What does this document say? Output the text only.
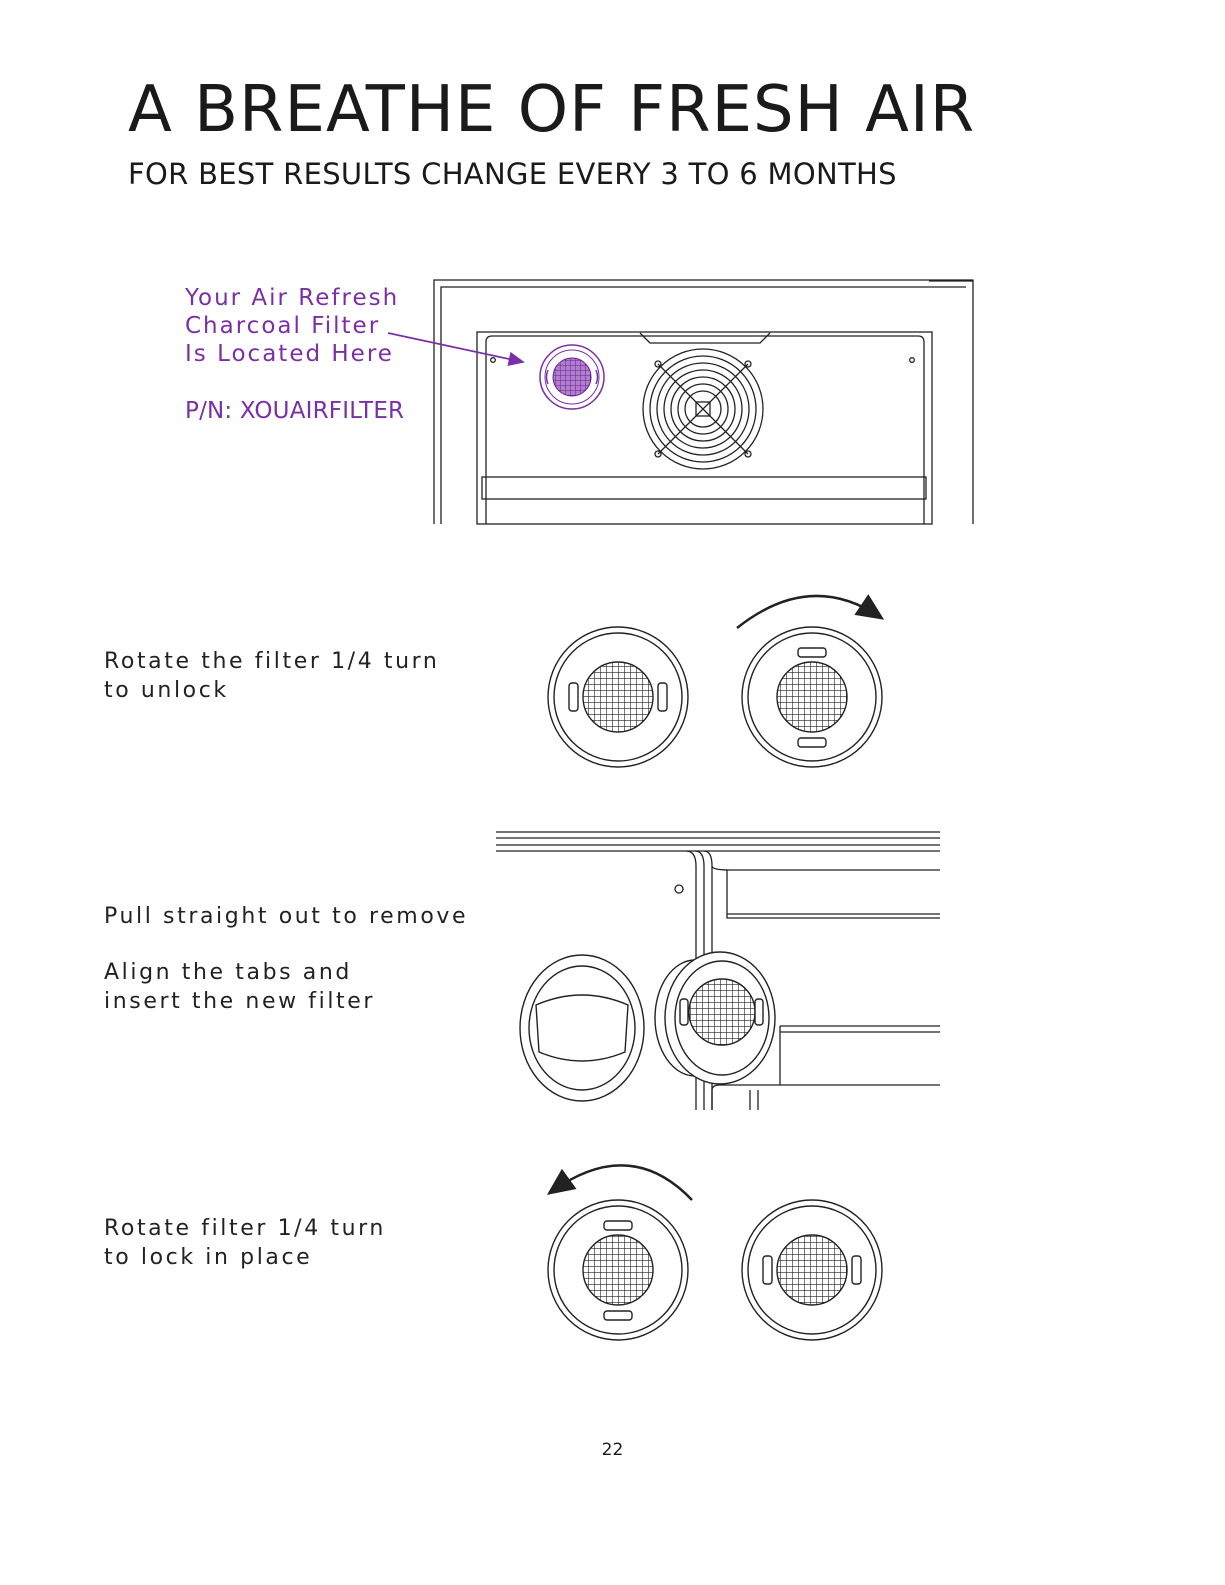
A BREATHE OF FRESH AIR
FOR BEST RESULTS CHANGE EVERY 3 TO 6 MONTHS
Your Air Refresh
Charcoal Filter
Is Located Here
P/N: XOUAIRFILTER
Rotate the filter 1/4 turn
to unlock
Pull straight out to remove
Align the tabs and
insert the new filter
Rotate filter 1/4 turn
to lock in place
22
